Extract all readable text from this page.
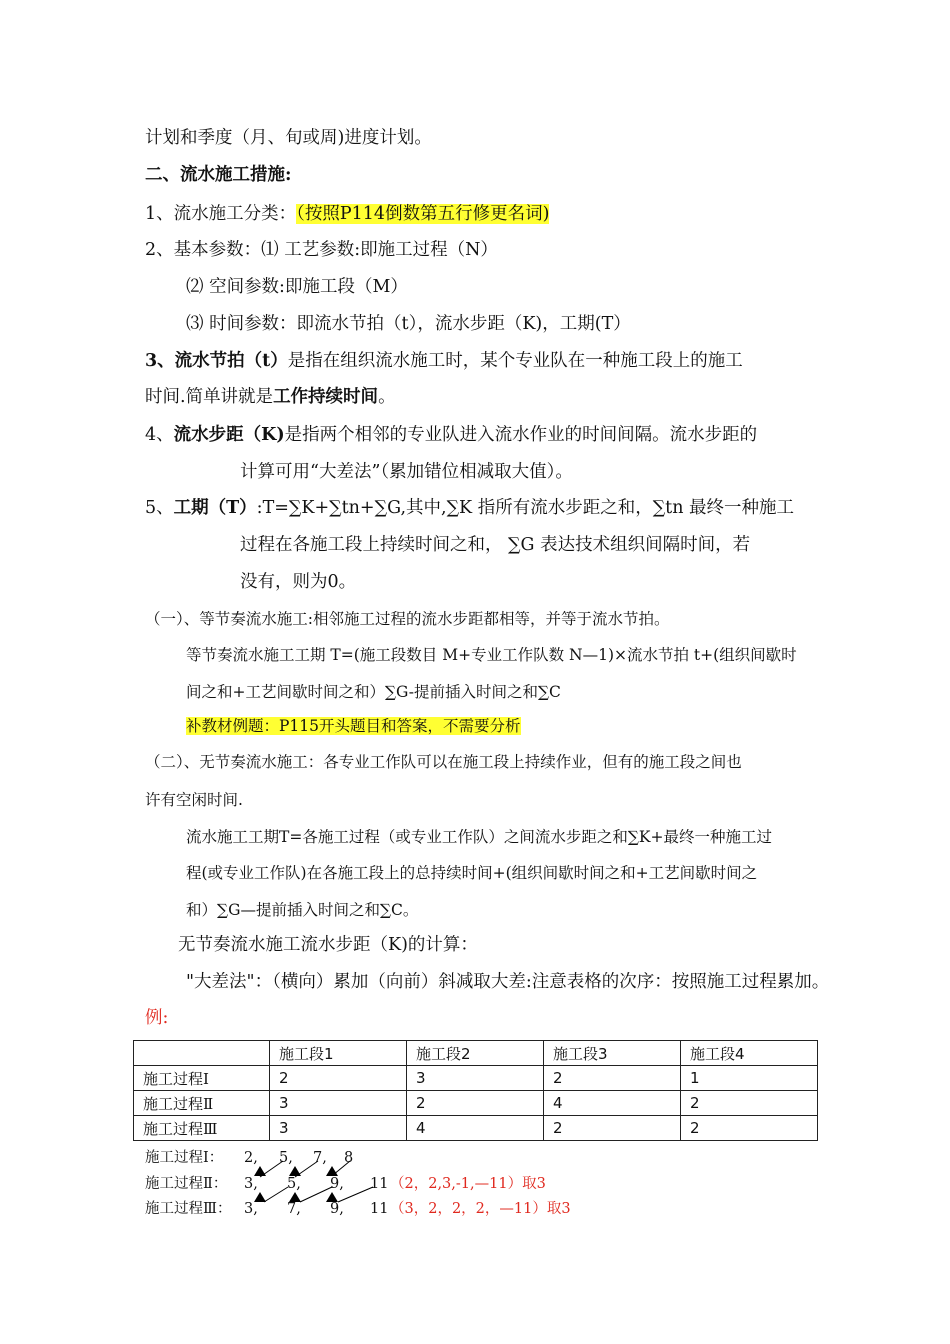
计划和季度（月、旬或周)进度计划。
二、流水施工措施:
1、流水施工分类：（按照P114倒数第五行修更名词)
2、基本参数：⑴ 工艺参数:即施工过程（N）
⑵ 空间参数:即施工段（M）
⑶ 时间参数：即流水节拍（t），流水步距（K)，工期(T）
3、流水节拍（t）是指在组织流水施工时，某个专业队在一种施工段上的施工
时间.简单讲就是工作持续时间。
4、流水步距（K)是指两个相邻的专业队进入流水作业的时间间隔。流水步距的
计算可用“大差法”（累加错位相减取大值）。
5、工期（T）:T=∑K+∑tn+∑G,其中,∑K 指所有流水步距之和，∑tn 最终一种施工
过程在各施工段上持续时间之和， ∑G 表达技术组织间隔时间，若
没有，则为0。
（一）、等节奏流水施工:相邻施工过程的流水步距都相等，并等于流水节拍。
等节奏流水施工工期 T=(施工段数目 M+专业工作队数 N—1)×流水节拍 t+(组织间歇时
间之和+工艺间歇时间之和）∑G-提前插入时间之和∑C
补教材例题：P115开头题目和答案，不需要分析
（二）、无节奏流水施工：各专业工作队可以在施工段上持续作业，但有的施工段之间也
许有空闲时间.
流水施工工期T=各施工过程（或专业工作队）之间流水步距之和∑K+最终一种施工过
程(或专业工作队)在各施工段上的总持续时间+(组织间歇时间之和+工艺间歇时间之
和）∑G—提前插入时间之和∑C。
无节奏流水施工流水步距（K)的计算：
"大差法"：（横向）累加（向前）斜减取大差:注意表格的次序：按照施工过程累加。
例:
	施工段1	施工段2	施工段3	施工段4
施工过程Ⅰ	2	3	2	1
施工过程Ⅱ	3	2	4	2
施工过程Ⅲ	3	4	2	2
施工过程Ⅰ： 2, 5, 7, 8
施工过程Ⅱ： 3, 5, 9, 11 （2，2,3,-1,—11）取3
施工过程Ⅲ： 3, 7, 9, 11 （3，2，2，2，—11）取3
